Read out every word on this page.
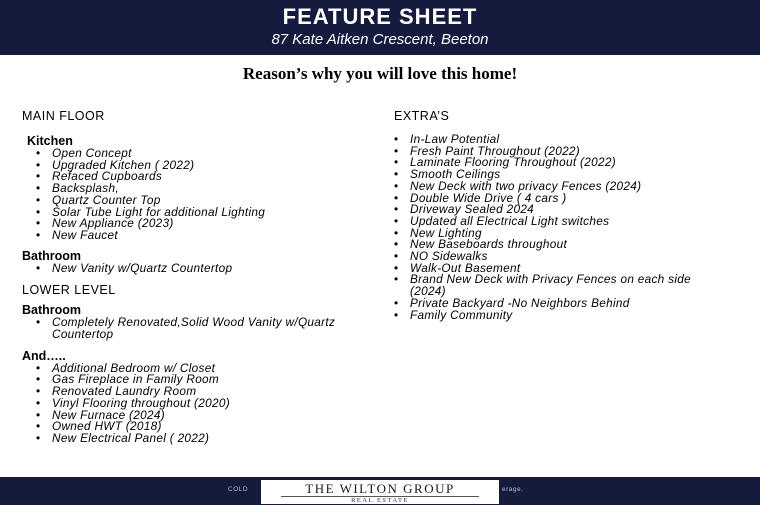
FEATURE SHEET
87 Kate Aitken Crescent, Beeton
Reason’s why you will love this home!
MAIN FLOOR
Kitchen
• Open Concept
• Upgraded Kitchen ( 2022)
• Refaced Cupboards
• Backsplash,
• Quartz Counter Top
• Solar Tube Light for additional Lighting
• New Appliance (2023)
• New Faucet
Bathroom
• New Vanity w/Quartz Countertop
LOWER LEVEL
Bathroom
• Completely Renovated,Solid Wood Vanity w/Quartz Countertop
And…..
• Additional Bedroom w/ Closet
• Gas Fireplace in Family Room
• Renovated Laundry Room
• Vinyl Flooring throughout (2020)
• New Furnace (2024)
• Owned HWT (2018)
• New Electrical Panel ( 2022)
EXTRA’S
• In-Law Potential
• Fresh Paint Throughout (2022)
• Laminate Flooring Throughout (2022)
• Smooth Ceilings
• New Deck with two privacy Fences (2024)
• Double Wide Drive ( 4 cars )
• Driveway Sealed 2024
• Updated all Electrical Light switches
• New Lighting
• New Baseboards throughout
• NO Sidewalks
• Walk-Out Basement
• Brand New Deck with Privacy Fences on each side (2024)
• Private Backyard -No Neighbors Behind
• Family Community
COLD	erage.
THE WILTON GROUP
REAL ESTATE
